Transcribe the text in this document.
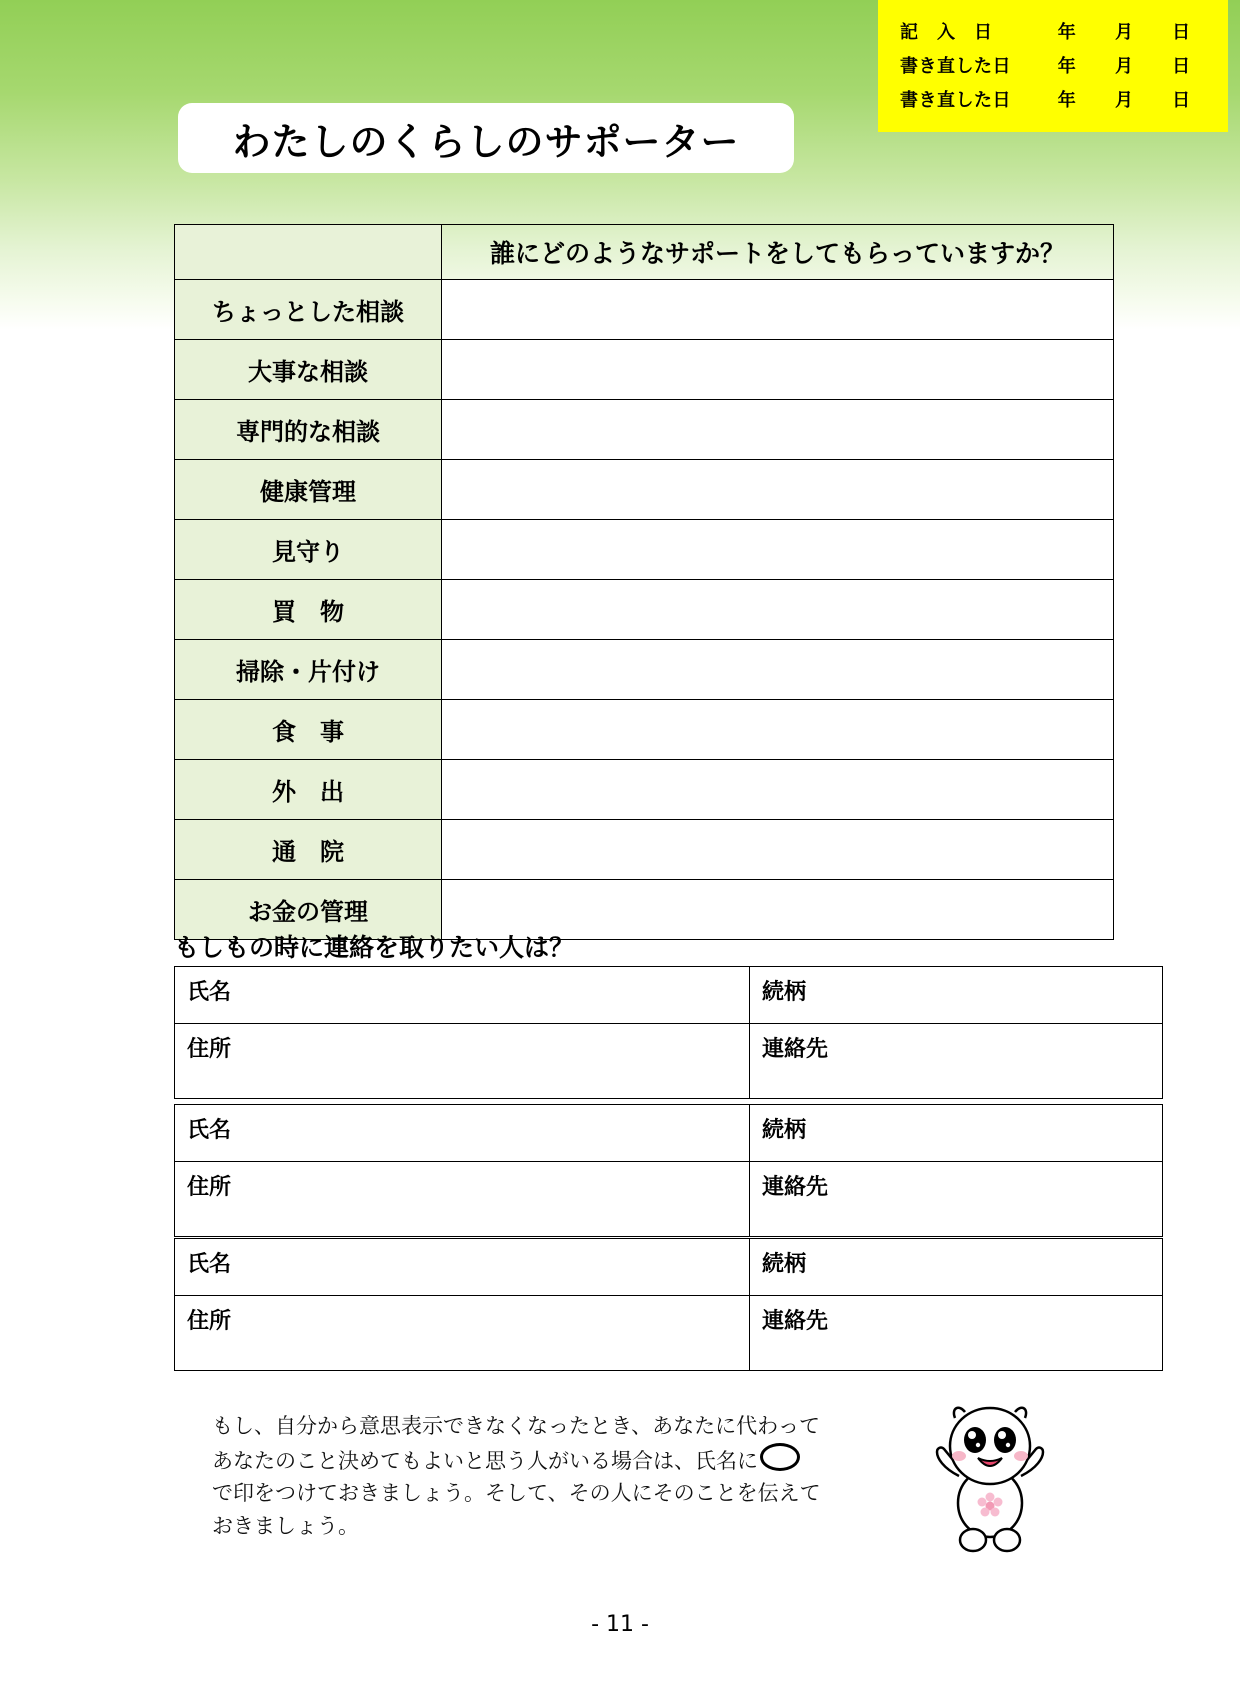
記　入　日	年	月	日
書き直した日	年	月	日
書き直した日	年	月	日
わたしのくらしのサポーター
	誰にどのようなサポートをしてもらっていますか？
ちょっとした相談	
大事な相談	
専門的な相談	
健康管理	
見守り	
買　物	
掃除・片付け	
食　事	
外　出	
通　院	
お金の管理	
もしもの時に連絡を取りたい人は？
氏名	続柄
住所	連絡先
氏名	続柄
住所	連絡先
氏名	続柄
住所	連絡先
もし、自分から意思表示できなくなったとき、あなたに代わって
あなたのこと決めてもよいと思う人がいる場合は、氏名に
で印をつけておきましょう。そして、その人にそのことを伝えて
おきましょう。
- 11 -
